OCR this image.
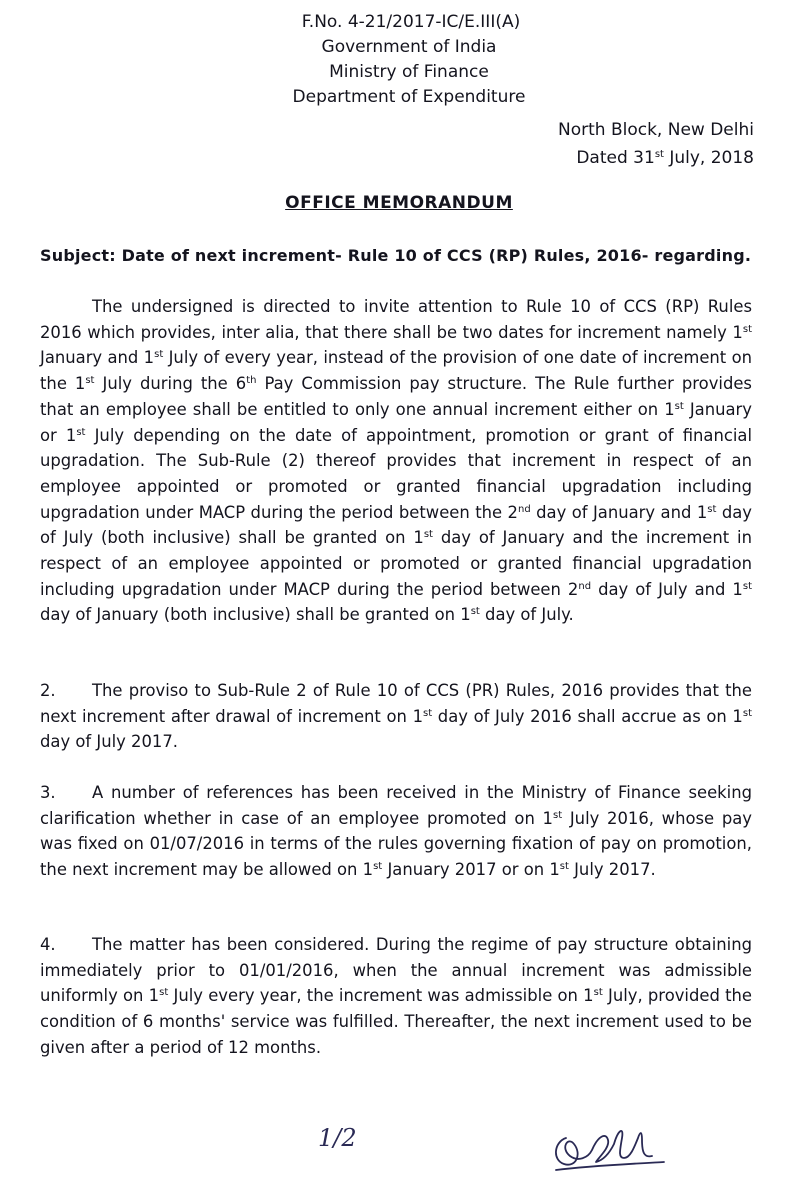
F.No. 4-21/2017-IC/E.III(A)
Government of India
Ministry of Finance
Department of Expenditure
North Block, New Delhi
Dated 31st July, 2018
OFFICE MEMORANDUM
Subject: Date of next increment- Rule 10 of CCS (RP) Rules, 2016- regarding.
The undersigned is directed to invite attention to Rule 10 of CCS (RP) Rules 2016 which provides, inter alia, that there shall be two dates for increment namely 1st January and 1st July of every year, instead of the provision of one date of increment on the 1st July during the 6th Pay Commission pay structure. The Rule further provides that an employee shall be entitled to only one annual increment either on 1st January or 1st July depending on the date of appointment, promotion or grant of financial upgradation. The Sub-Rule (2) thereof provides that increment in respect of an employee appointed or promoted or granted financial upgradation including upgradation under MACP during the period between the 2nd day of January and 1st day of July (both inclusive) shall be granted on 1st day of January and the increment in respect of an employee appointed or promoted or granted financial upgradation including upgradation under MACP during the period between 2nd day of July and 1st day of January (both inclusive) shall be granted on 1st day of July.
2. The proviso to Sub-Rule 2 of Rule 10 of CCS (PR) Rules, 2016 provides that the next increment after drawal of increment on 1st day of July 2016 shall accrue as on 1st day of July 2017.
3. A number of references has been received in the Ministry of Finance seeking clarification whether in case of an employee promoted on 1st July 2016, whose pay was fixed on 01/07/2016 in terms of the rules governing fixation of pay on promotion, the next increment may be allowed on 1st January 2017 or on 1st July 2017.
4. The matter has been considered. During the regime of pay structure obtaining immediately prior to 01/01/2016, when the annual increment was admissible uniformly on 1st July every year, the increment was admissible on 1st July, provided the condition of 6 months' service was fulfilled. Thereafter, the next increment used to be given after a period of 12 months.
1/2
